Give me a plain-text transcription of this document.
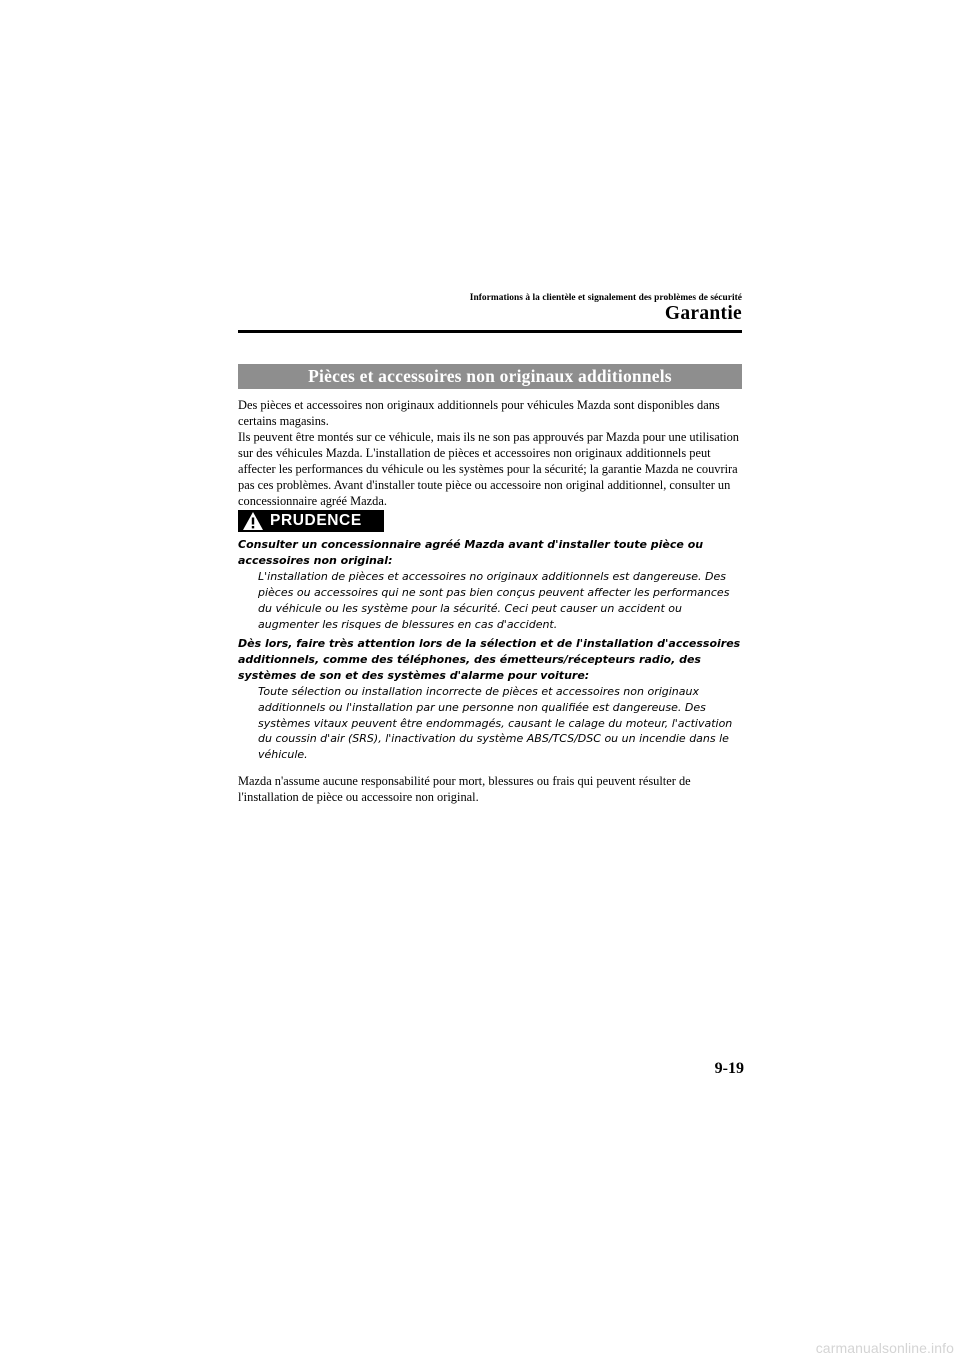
Informations à la clientèle et signalement des problèmes de sécurité
Garantie
Pièces et accessoires non originaux additionnels

Des pièces et accessoires non originaux additionnels pour véhicules Mazda sont disponibles dans certains magasins.

Ils peuvent être montés sur ce véhicule, mais ils ne son pas approuvés par Mazda pour une utilisation sur des véhicules Mazda. L'installation de pièces et accessoires non originaux additionnels peut affecter les performances du véhicule ou les systèmes pour la sécurité; la garantie Mazda ne couvrira pas ces problèmes. Avant d'installer toute pièce ou accessoire non original additionnel, consulter un concessionnaire agréé Mazda.

PRUDENCE

Consulter un concessionnaire agréé Mazda avant d'installer toute pièce ou accessoires non original:

L'installation de pièces et accessoires no originaux additionnels est dangereuse. Des pièces ou accessoires qui ne sont pas bien conçus peuvent affecter les performances du véhicule ou les système pour la sécurité. Ceci peut causer un accident ou augmenter les risques de blessures en cas d'accident.

Dès lors, faire très attention lors de la sélection et de l'installation d'accessoires additionnels, comme des téléphones, des émetteurs/récepteurs radio, des systèmes de son et des systèmes d'alarme pour voiture:

Toute sélection ou installation incorrecte de pièces et accessoires non originaux additionnels ou l'installation par une personne non qualifiée est dangereuse. Des systèmes vitaux peuvent être endommagés, causant le calage du moteur, l'activation du coussin d'air (SRS), l'inactivation du système ABS/TCS/DSC ou un incendie dans le véhicule.

Mazda n'assume aucune responsabilité pour mort, blessures ou frais qui peuvent résulter de l'installation de pièce ou accessoire non original.

9-19
carmanualsonline.info
